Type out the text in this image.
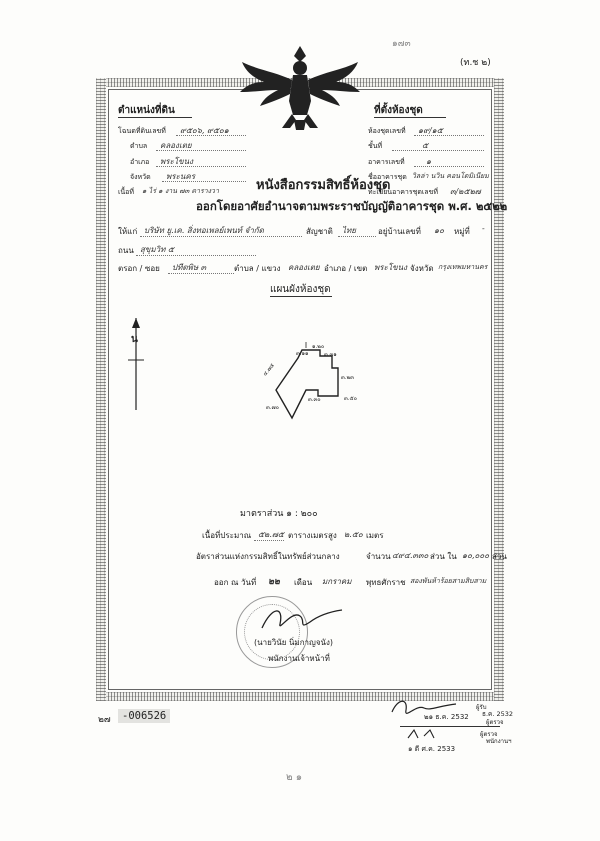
๑๗๓
(ท.ช ๒)
ตำแหน่งที่ดิน	ที่ตั้งห้องชุด
โฉนดที่ดินเลขที่ ๙๕๐๖, ๙๕๐๑
ตำบล คลองเตย
อำเภอ พระโขนง
จังหวัด พระนคร
เนื้อที่ ๑ ไร่ ๑ งาน ๗๓ ตารางวา
ห้องชุดเลขที่ ๑๙/๑๕
ชั้นที่	๕
อาคารเลขที่	๑
ชื่ออาคารชุด วิลล่า นวิน คอนโดมิเนียม
ทะเบียนอาคารชุดเลขที่ ๓/๒๕๒๗
หนังสือกรรมสิทธิ์ห้องชุด
ออกโดยอาศัยอำนาจตามพระราชบัญญัติอาคารชุด พ.ศ. ๒๕๒๒
ให้แก่ บริษัท ยู.เค. สิ่งทอเพลย์เพนท์ จำกัด	สัญชาติ ไทย	อยู่บ้านเลขที่ ๑๐ หมู่ที่ -
ถนน สุขุมวิท ๕
ตรอก / ซอย ปทีตพิษ ๓	ตำบล / แขวง คลองเตย อำเภอ / เขต พระโขนง จังหวัด กรุงเทพมหานคร
แผนผังห้องชุด
น
๓.๑๑
๑.๒๐
๓.๓๑
๓.๒๓
๔.๗๕
๓.๗๐
๓.๓๐	๓.๕๐
มาตราส่วน ๑ : ๒๐๐
เนื้อที่ประมาณ ๕๒.๗๕ ตารางเมตร สูง ๒.๕๐ เมตร
อัตราส่วนแห่งกรรมสิทธิ์ในทรัพย์ส่วนกลาง	จำนวน ๔๙๔.๓๓๐ ส่วน ใน ๑๐,๐๐๐ ส่วน
ออก ณ วันที่ ๒๒ เดือน มกราคม พุทธศักราช สองพันห้าร้อยสามสิบสาม
(นายวินัย นิ่มกาญจนัง)
พนักงานเจ้าหน้าที่
๒๗	-006526	๒๑ ธ.ค. 2532
ผู้รับ
ธ.ค. 2532
ผู้ตรวจ
ผู้ตรวจ
พนักงานฯ
๑ ตี ศ.ค. 2533
๒ ๑
